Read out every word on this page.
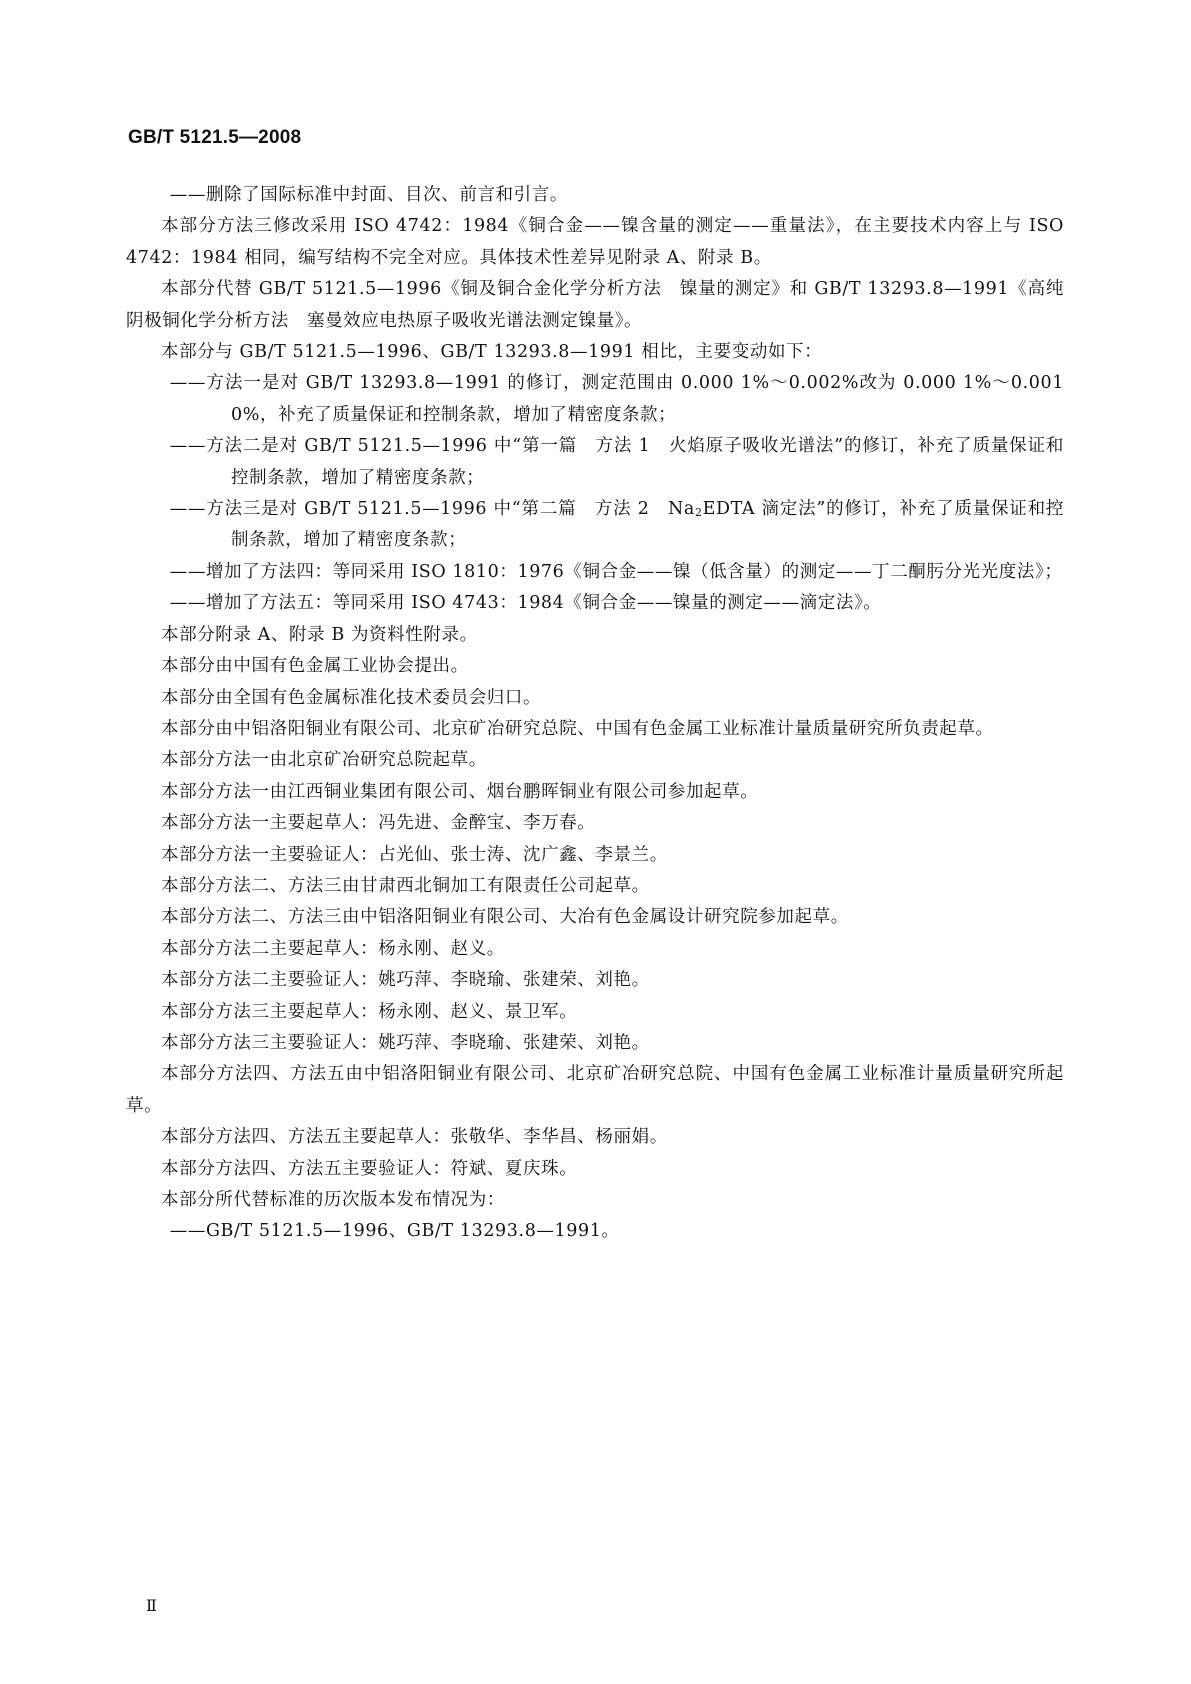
GB/T 5121.5—2008

——删除了国际标准中封面、目次、前言和引言。

本部分方法三修改采用 ISO 4742：1984《铜合金——镍含量的测定——重量法》，在主要技术内容上与 ISO 4742：1984 相同，编写结构不完全对应。具体技术性差异见附录 A、附录 B。

本部分代替 GB/T 5121.5—1996《铜及铜合金化学分析方法　镍量的测定》和 GB/T 13293.8—1991《高纯阴极铜化学分析方法　塞曼效应电热原子吸收光谱法测定镍量》。

本部分与 GB/T 5121.5—1996、GB/T 13293.8—1991 相比，主要变动如下：

——方法一是对 GB/T 13293.8—1991 的修订，测定范围由 0.000 1%～0.002%改为 0.000 1%～0.001 0%，补充了质量保证和控制条款，增加了精密度条款；

——方法二是对 GB/T 5121.5—1996 中“第一篇　方法 1　火焰原子吸收光谱法”的修订，补充了质量保证和控制条款，增加了精密度条款；

——方法三是对 GB/T 5121.5—1996 中“第二篇　方法 2　$Na_2EDTA$ 滴定法”的修订，补充了质量保证和控制条款，增加了精密度条款；

——增加了方法四：等同采用 ISO 1810：1976《铜合金——镍（低含量）的测定——丁二酮肟分光光度法》；

——增加了方法五：等同采用 ISO 4743：1984《铜合金——镍量的测定——滴定法》。

本部分附录 A、附录 B 为资料性附录。

本部分由中国有色金属工业协会提出。

本部分由全国有色金属标准化技术委员会归口。

本部分由中铝洛阳铜业有限公司、北京矿冶研究总院、中国有色金属工业标准计量质量研究所负责起草。

本部分方法一由北京矿冶研究总院起草。

本部分方法一由江西铜业集团有限公司、烟台鹏晖铜业有限公司参加起草。

本部分方法一主要起草人：冯先进、金醉宝、李万春。

本部分方法一主要验证人：占光仙、张士涛、沈广鑫、李景兰。

本部分方法二、方法三由甘肃西北铜加工有限责任公司起草。

本部分方法二、方法三由中铝洛阳铜业有限公司、大冶有色金属设计研究院参加起草。

本部分方法二主要起草人：杨永刚、赵义。

本部分方法二主要验证人：姚巧萍、李晓瑜、张建荣、刘艳。

本部分方法三主要起草人：杨永刚、赵义、景卫军。

本部分方法三主要验证人：姚巧萍、李晓瑜、张建荣、刘艳。

本部分方法四、方法五由中铝洛阳铜业有限公司、北京矿冶研究总院、中国有色金属工业标准计量质量研究所起草。

本部分方法四、方法五主要起草人：张敬华、李华昌、杨丽娟。

本部分方法四、方法五主要验证人：符斌、夏庆珠。

本部分所代替标准的历次版本发布情况为：

——GB/T 5121.5—1996、GB/T 13293.8—1991。

Ⅱ
